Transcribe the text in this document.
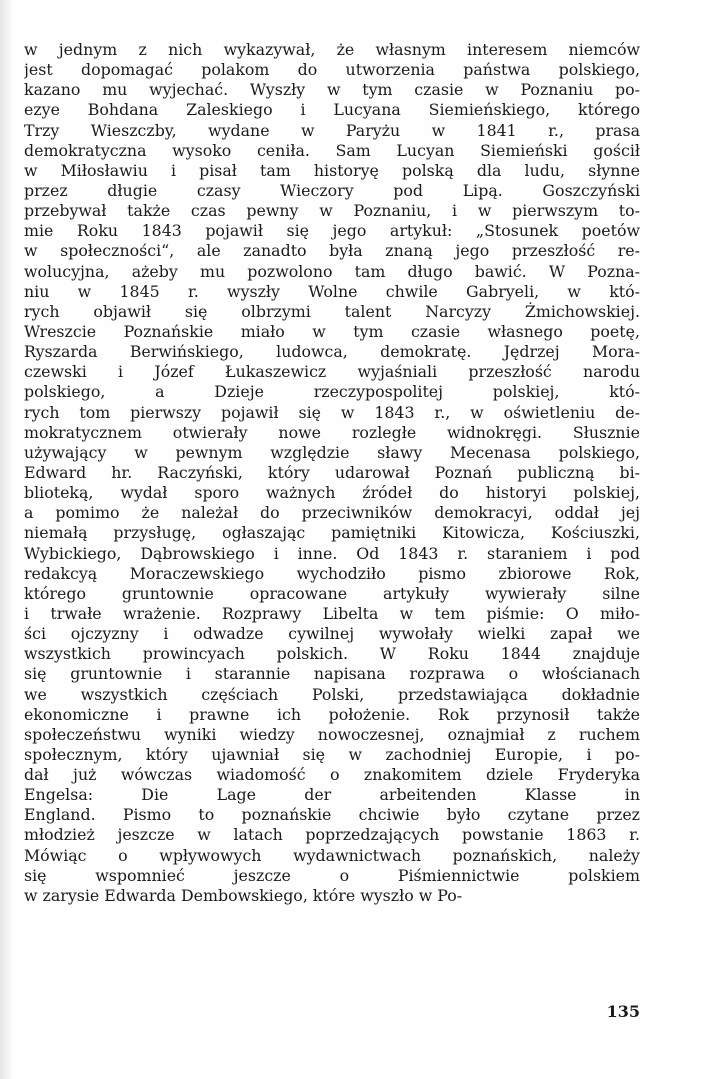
w jednym z nich wykazywał, że własnym interesem niemców
jest dopomagać polakom do utworzenia państwa polskiego,
kazano mu wyjechać. Wyszły w tym czasie w Poznaniu po-
ezye Bohdana Zaleskiego i Lucyana Siemieńskiego, którego
Trzy Wieszczby, wydane w Paryżu w 1841 r., prasa
demokratyczna wysoko ceniła. Sam Lucyan Siemieński gościł
w Miłosławiu i pisał tam historyę polską dla ludu, słynne
przez długie czasy Wieczory pod Lipą. Goszczyński
przebywał także czas pewny w Poznaniu, i w pierwszym to-
mie Roku 1843 pojawił się jego artykuł: „Stosunek poetów
w społeczności“, ale zanadto była znaną jego przeszłość re-
wolucyjna, ażeby mu pozwolono tam długo bawić. W Pozna-
niu w 1845 r. wyszły Wolne chwile Gabryeli, w któ-
rych objawił się olbrzymi talent Narcyzy Żmichowskiej.
Wreszcie Poznańskie miało w tym czasie własnego poetę,
Ryszarda Berwińskiego, ludowca, demokratę. Jędrzej Mora-
czewski i Józef Łukaszewicz wyjaśniali przeszłość narodu
polskiego, a Dzieje rzeczypospolitej polskiej, któ-
rych tom pierwszy pojawił się w 1843 r., w oświetleniu de-
mokratycznem otwierały nowe rozległe widnokręgi. Słusznie
używający w pewnym względzie sławy Mecenasa polskiego,
Edward hr. Raczyński, który udarował Poznań publiczną bi-
blioteką, wydał sporo ważnych źródeł do historyi polskiej,
a pomimo że należał do przeciwników demokracyi, oddał jej
niemałą przysługę, ogłaszając pamiętniki Kitowicza, Kościuszki,
Wybickiego, Dąbrowskiego i inne. Od 1843 r. staraniem i pod
redakcyą Moraczewskiego wychodziło pismo zbiorowe Rok,
którego gruntownie opracowane artykuły wywierały silne
i trwałe wrażenie. Rozprawy Libelta w tem piśmie: O miło-
ści ojczyzny i odwadze cywilnej wywołały wielki zapał we
wszystkich prowincyach polskich. W Roku 1844 znajduje
się gruntownie i starannie napisana rozprawa o włościanach
we wszystkich częściach Polski, przedstawiająca dokładnie
ekonomiczne i prawne ich położenie. Rok przynosił także
społeczeństwu wyniki wiedzy nowoczesnej, oznajmiał z ruchem
społecznym, który ujawniał się w zachodniej Europie, i po-
dał już wówczas wiadomość o znakomitem dziele Fryderyka
Engelsa: Die Lage der arbeitenden Klasse in
England. Pismo to poznańskie chciwie było czytane przez
młodzież jeszcze w latach poprzedzających powstanie 1863 r.
Mówiąc o wpływowych wydawnictwach poznańskich, należy
się wspomnieć jeszcze o Piśmiennictwie polskiem
w zarysie Edwarda Dembowskiego, które wyszło w Po-
135
